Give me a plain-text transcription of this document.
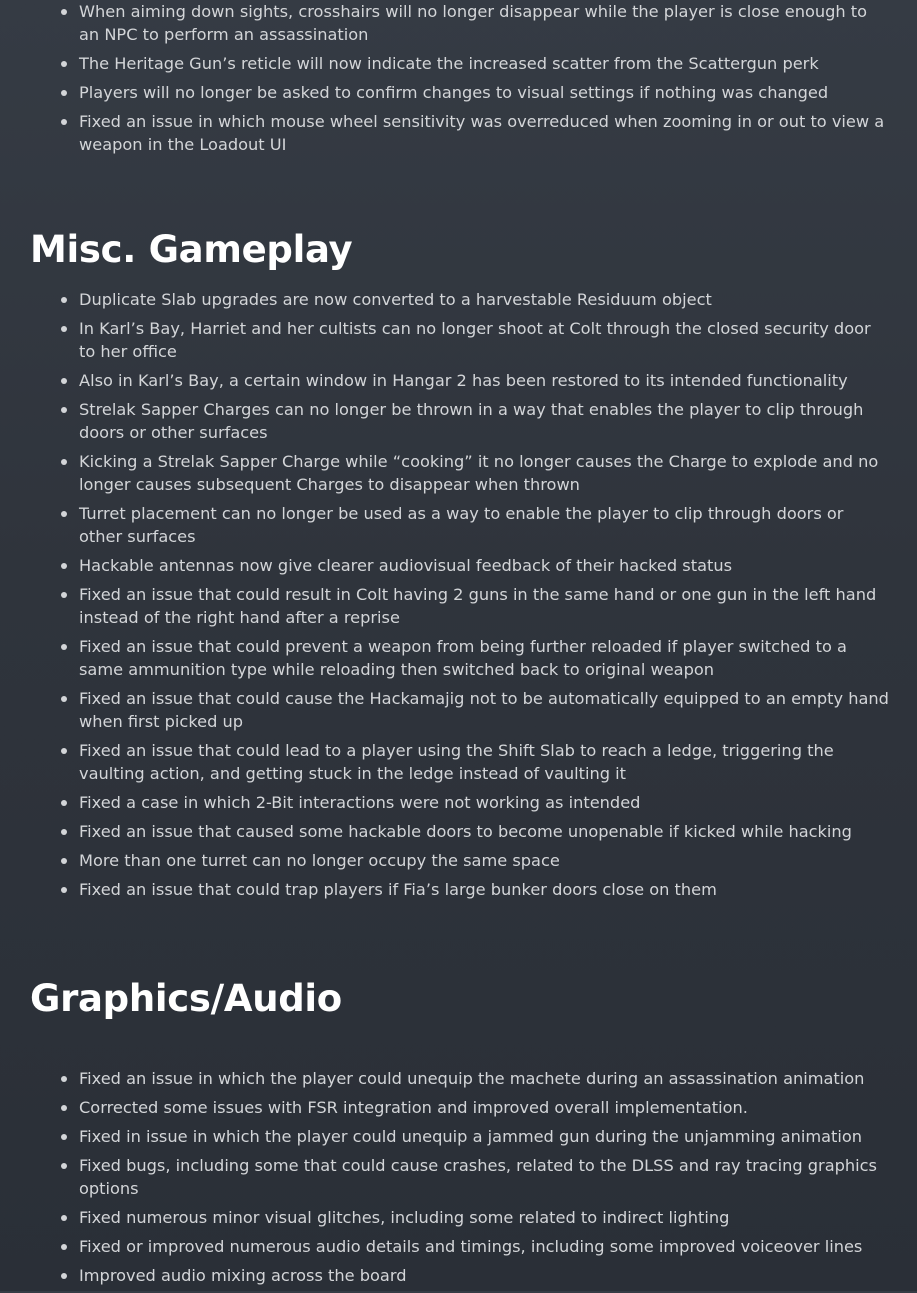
When aiming down sights, crosshairs will no longer disappear while the player is close enough to an NPC to perform an assassination
The Heritage Gun’s reticle will now indicate the increased scatter from the Scattergun perk
Players will no longer be asked to confirm changes to visual settings if nothing was changed
Fixed an issue in which mouse wheel sensitivity was overreduced when zooming in or out to view a weapon in the Loadout UI
Misc. Gameplay
Duplicate Slab upgrades are now converted to a harvestable Residuum object
In Karl’s Bay, Harriet and her cultists can no longer shoot at Colt through the closed security door to her office
Also in Karl’s Bay, a certain window in Hangar 2 has been restored to its intended functionality
Strelak Sapper Charges can no longer be thrown in a way that enables the player to clip through doors or other surfaces
Kicking a Strelak Sapper Charge while “cooking” it no longer causes the Charge to explode and no longer causes subsequent Charges to disappear when thrown
Turret placement can no longer be used as a way to enable the player to clip through doors or other surfaces
Hackable antennas now give clearer audiovisual feedback of their hacked status
Fixed an issue that could result in Colt having 2 guns in the same hand or one gun in the left hand instead of the right hand after a reprise
Fixed an issue that could prevent a weapon from being further reloaded if player switched to a same ammunition type while reloading then switched back to original weapon
Fixed an issue that could cause the Hackamajig not to be automatically equipped to an empty hand when first picked up
Fixed an issue that could lead to a player using the Shift Slab to reach a ledge, triggering the vaulting action, and getting stuck in the ledge instead of vaulting it
Fixed a case in which 2-Bit interactions were not working as intended
Fixed an issue that caused some hackable doors to become unopenable if kicked while hacking
More than one turret can no longer occupy the same space
Fixed an issue that could trap players if Fia’s large bunker doors close on them
Graphics/Audio
Fixed an issue in which the player could unequip the machete during an assassination animation
Corrected some issues with FSR integration and improved overall implementation.
Fixed in issue in which the player could unequip a jammed gun during the unjamming animation
Fixed bugs, including some that could cause crashes, related to the DLSS and ray tracing graphics options
Fixed numerous minor visual glitches, including some related to indirect lighting
Fixed or improved numerous audio details and timings, including some improved voiceover lines
Improved audio mixing across the board
